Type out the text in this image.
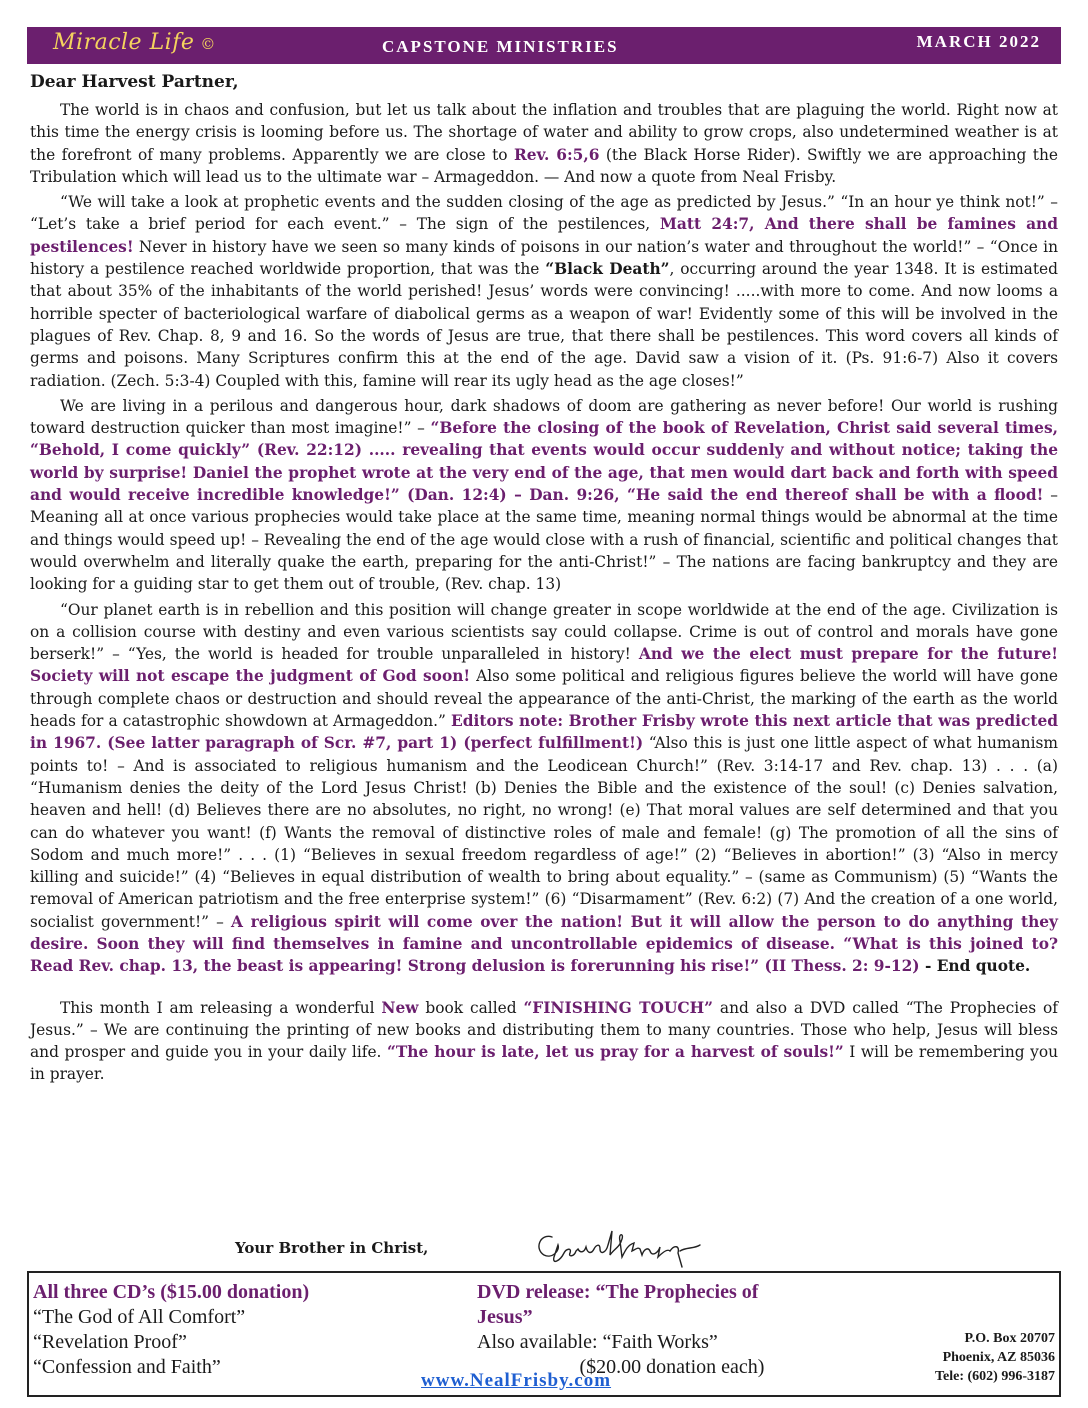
Miracle Life ©	CAPSTONE MINISTRIES	MARCH 2022
Dear Harvest Partner,

The world is in chaos and confusion, but let us talk about the inflation and troubles that are plaguing the world. Right now at this time the energy crisis is looming before us. The shortage of water and ability to grow crops, also undetermined weather is at the forefront of many problems. Apparently we are close to Rev. 6:5,6 (the Black Horse Rider). Swiftly we are approaching the Tribulation which will lead us to the ultimate war – Armageddon. — And now a quote from Neal Frisby.

“We will take a look at prophetic events and the sudden closing of the age as predicted by Jesus.” “In an hour ye think not!” – “Let’s take a brief period for each event.” – The sign of the pestilences, Matt 24:7, And there shall be famines and pestilences! Never in history have we seen so many kinds of poisons in our nation’s water and throughout the world!” – “Once in history a pestilence reached worldwide proportion, that was the “Black Death”, occurring around the year 1348. It is estimated that about 35% of the inhabitants of the world perished! Jesus’ words were convincing! .....with more to come. And now looms a horrible specter of bacteriological warfare of diabolical germs as a weapon of war! Evidently some of this will be involved in the plagues of Rev. Chap. 8, 9 and 16. So the words of Jesus are true, that there shall be pestilences. This word covers all kinds of germs and poisons. Many Scriptures confirm this at the end of the age. David saw a vision of it. (Ps. 91:6-7) Also it covers radiation. (Zech. 5:3-4) Coupled with this, famine will rear its ugly head as the age closes!”

We are living in a perilous and dangerous hour, dark shadows of doom are gathering as never before! Our world is rushing toward destruction quicker than most imagine!” – “Before the closing of the book of Revelation, Christ said several times, “Behold, I come quickly” (Rev. 22:12) ..... revealing that events would occur suddenly and without notice; taking the world by surprise! Daniel the prophet wrote at the very end of the age, that men would dart back and forth with speed and would receive incredible knowledge!” (Dan. 12:4) – Dan. 9:26, “He said the end thereof shall be with a flood! – Meaning all at once various prophecies would take place at the same time, meaning normal things would be abnormal at the time and things would speed up! – Revealing the end of the age would close with a rush of financial, scientific and political changes that would overwhelm and literally quake the earth, preparing for the anti-Christ!” – The nations are facing bankruptcy and they are looking for a guiding star to get them out of trouble, (Rev. chap. 13)

“Our planet earth is in rebellion and this position will change greater in scope worldwide at the end of the age. Civilization is on a collision course with destiny and even various scientists say could collapse. Crime is out of control and morals have gone berserk!” – “Yes, the world is headed for trouble unparalleled in history! And we the elect must prepare for the future! Society will not escape the judgment of God soon! Also some political and religious figures believe the world will have gone through complete chaos or destruction and should reveal the appearance of the anti-Christ, the marking of the earth as the world heads for a catastrophic showdown at Armageddon.” Editors note: Brother Frisby wrote this next article that was predicted in 1967. (See latter paragraph of Scr. #7, part 1) (perfect fulfillment!) “Also this is just one little aspect of what humanism points to! – And is associated to religious humanism and the Leodicean Church!” (Rev. 3:14-17 and Rev. chap. 13) . . . (a) “Humanism denies the deity of the Lord Jesus Christ! (b) Denies the Bible and the existence of the soul! (c) Denies salvation, heaven and hell! (d) Believes there are no absolutes, no right, no wrong! (e) That moral values are self determined and that you can do whatever you want! (f) Wants the removal of distinctive roles of male and female! (g) The promotion of all the sins of Sodom and much more!” . . . (1) “Believes in sexual freedom regardless of age!” (2) “Believes in abortion!” (3) “Also in mercy killing and suicide!” (4) “Believes in equal distribution of wealth to bring about equality.” – (same as Communism) (5) “Wants the removal of American patriotism and the free enterprise system!” (6) “Disarmament” (Rev. 6:2) (7) And the creation of a one world, socialist government!” – A religious spirit will come over the nation! But it will allow the person to do anything they desire. Soon they will find themselves in famine and uncontrollable epidemics of disease. “What is this joined to? Read Rev. chap. 13, the beast is appearing! Strong delusion is forerunning his rise!” (II Thess. 2: 9-12) - End quote.

This month I am releasing a wonderful New book called “FINISHING TOUCH” and also a DVD called “The Prophecies of Jesus.” – We are continuing the printing of new books and distributing them to many countries. Those who help, Jesus will bless and prosper and guide you in your daily life. “The hour is late, let us pray for a harvest of souls!” I will be remembering you in prayer.

Your Brother in Christ,
All three CD’s ($15.00 donation)
“The God of All Comfort”
“Revelation Proof”
“Confession and Faith”
DVD release: “The Prophecies of Jesus”
Also available: “Faith Works”
($20.00 donation each)
www.NealFrisby.com
P.O. Box 20707
Phoenix, AZ 85036
Tele: (602) 996-3187
